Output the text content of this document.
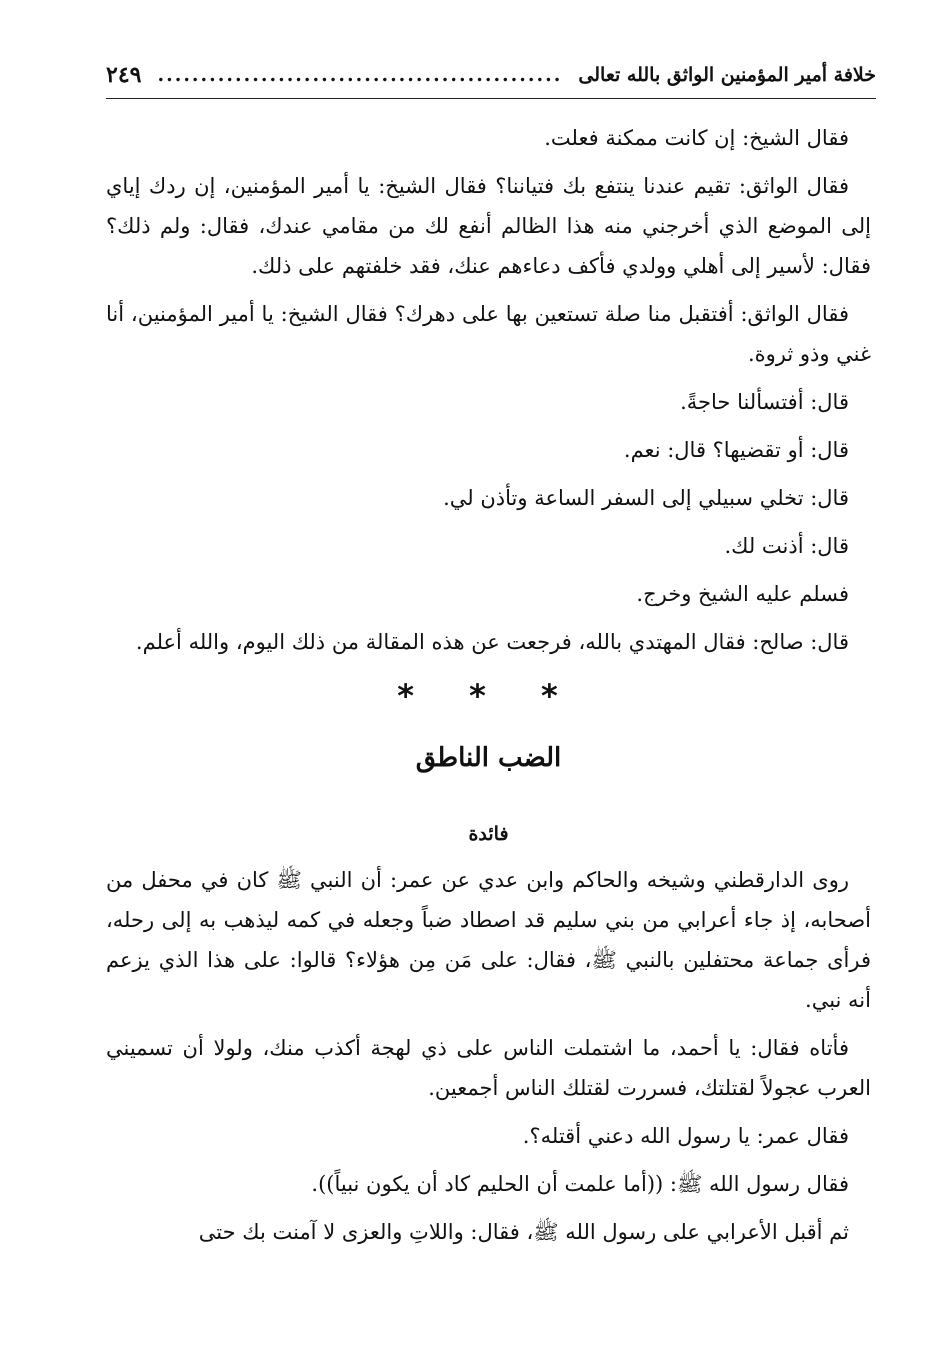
خلافة أمير المؤمنين الواثق بالله تعالى
...............................................
٢٤٩

فقال الشيخ: إن كانت ممكنة فعلت.

فقال الواثق: تقيم عندنا ينتفع بك فتياننا؟ فقال الشيخ: يا أمير المؤمنين، إن ردك إياي إلى الموضع الذي أخرجني منه هذا الظالم أنفع لك من مقامي عندك، فقال: ولم ذلك؟ فقال: لأسير إلى أهلي وولدي فأكف دعاءهم عنك، فقد خلفتهم على ذلك.

فقال الواثق: أفتقبل منا صلة تستعين بها على دهرك؟ فقال الشيخ: يا أمير المؤمنين، أنا غني وذو ثروة.

قال: أفتسألنا حاجةً.

قال: أو تقضيها؟ قال: نعم.

قال: تخلي سبيلي إلى السفر الساعة وتأذن لي.

قال: أذنت لك.

فسلم عليه الشيخ وخرج.

قال: صالح: فقال المهتدي بالله، فرجعت عن هذه المقالة من ذلك اليوم، والله أعلم.

* * *

الضب الناطق

فائدة

روى الدارقطني وشيخه والحاكم وابن عدي عن عمر: أن النبي ﷺ كان في محفل من أصحابه، إذ جاء أعرابي من بني سليم قد اصطاد ضباً وجعله في كمه ليذهب به إلى رحله، فرأى جماعة محتفلين بالنبي ﷺ، فقال: على مَن مِن هؤلاء؟ قالوا: على هذا الذي يزعم أنه نبي.

فأتاه فقال: يا أحمد، ما اشتملت الناس على ذي لهجة أكذب منك، ولولا أن تسميني العرب عجولاً لقتلتك، فسررت لقتلك الناس أجمعين.

فقال عمر: يا رسول الله دعني أقتله؟.

فقال رسول الله ﷺ: ((أما علمت أن الحليم كاد أن يكون نبياً)).

ثم أقبل الأعرابي على رسول الله ﷺ، فقال: واللاتِ والعزى لا آمنت بك حتى
